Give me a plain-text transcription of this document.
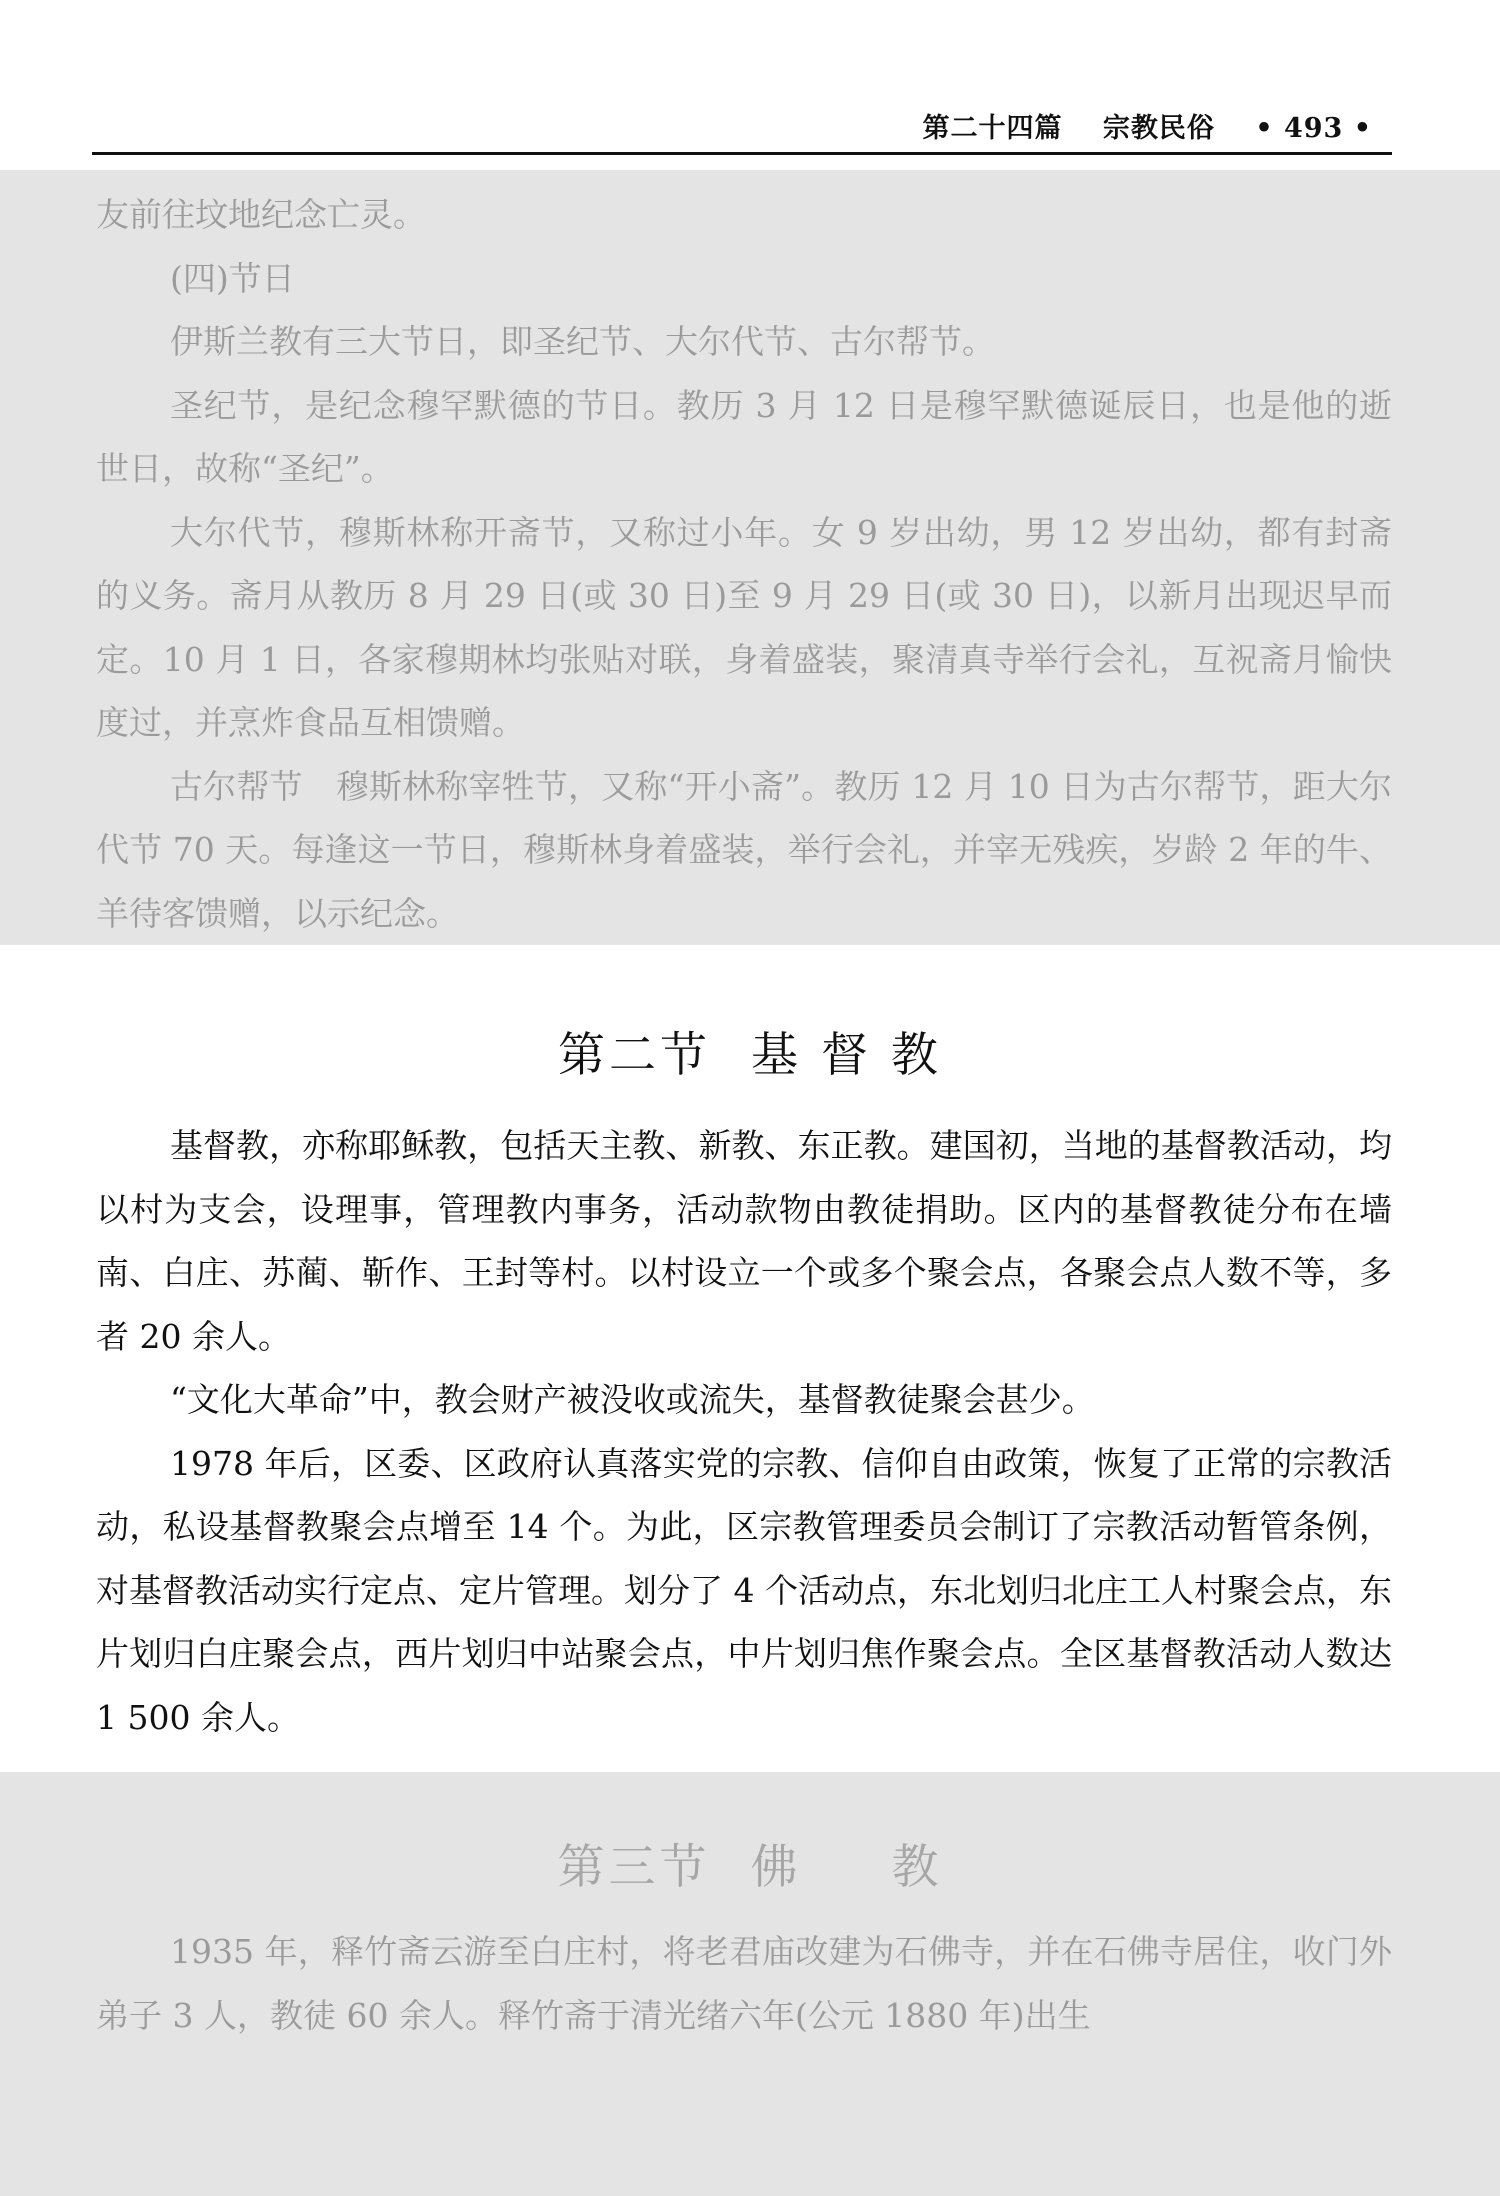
第二十四篇 宗教民俗 • 493 •

友前往坟地纪念亡灵。

(四)节日

伊斯兰教有三大节日，即圣纪节、大尔代节、古尔帮节。

圣纪节，是纪念穆罕默德的节日。教历 3 月 12 日是穆罕默德诞辰日，也是他的逝世日，故称“圣纪”。

大尔代节，穆斯林称开斋节，又称过小年。女 9 岁出幼，男 12 岁出幼，都有封斋的义务。斋月从教历 8 月 29 日(或 30 日)至 9 月 29 日(或 30 日)，以新月出现迟早而定。10 月 1 日，各家穆期林均张贴对联，身着盛装，聚清真寺举行会礼，互祝斋月愉快度过，并烹炸食品互相馈赠。

古尔帮节　穆斯林称宰牲节，又称“开小斋”。教历 12 月 10 日为古尔帮节，距大尔代节 70 天。每逢这一节日，穆斯林身着盛装，举行会礼，并宰无残疾，岁龄 2 年的牛、羊待客馈赠，以示纪念。

第二节 基 督 教

基督教，亦称耶稣教，包括天主教、新教、东正教。建国初，当地的基督教活动，均以村为支会，设理事，管理教内事务，活动款物由教徒捐助。区内的基督教徒分布在墙南、白庄、苏蔺、靳作、王封等村。以村设立一个或多个聚会点，各聚会点人数不等，多者 20 余人。

“文化大革命”中，教会财产被没收或流失，基督教徒聚会甚少。

1978 年后，区委、区政府认真落实党的宗教、信仰自由政策，恢复了正常的宗教活动，私设基督教聚会点增至 14 个。为此，区宗教管理委员会制订了宗教活动暂管条例，对基督教活动实行定点、定片管理。划分了 4 个活动点，东北划归北庄工人村聚会点，东片划归白庄聚会点，西片划归中站聚会点，中片划归焦作聚会点。全区基督教活动人数达 1 500 余人。

第三节 佛 教

1935 年，释竹斋云游至白庄村，将老君庙改建为石佛寺，并在石佛寺居住，收门外弟子 3 人，教徒 60 余人。释竹斋于清光绪六年(公元 1880 年)出生
